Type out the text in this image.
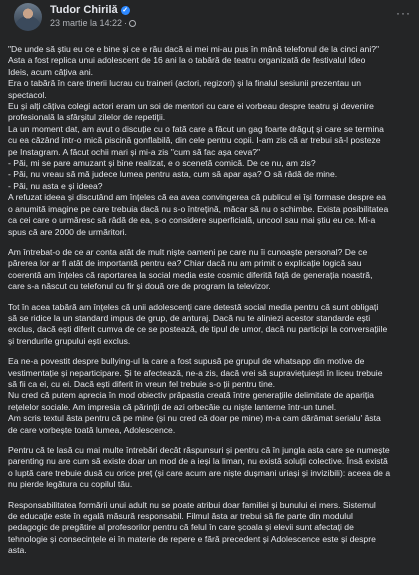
Tudor Chirilă ✓
23 martie la 14:22 ·
···

"De unde să știu eu ce e bine și ce e rău dacă ai mei mi-au pus în mână telefonul de la cinci ani?"
Asta a fost replica unui adolescent de 16 ani la o tabără de teatru organizată de festivalul Ideo
Ideis, acum câțiva ani.
Era o tabără în care tinerii lucrau cu traineri (actori, regizori) și la finalul sesiunii prezentau un
spectacol.
Eu și alți câțiva colegi actori eram un soi de mentori cu care ei vorbeau despre teatru și devenire
profesională la sfârșitul zilelor de repetiții.
La un moment dat, am avut o discuție cu o fată care a făcut un gag foarte drăguț și care se termina
cu ea căzând într-o mică piscină gonflabilă, din cele pentru copii. I-am zis că ar trebui să-l posteze
pe Instagram. A făcut ochii mari și mi-a zis "cum să fac așa ceva?"
- Păi, mi se pare amuzant și bine realizat, e o scenetă comică. De ce nu, am zis?
- Păi, nu vreau să mă judece lumea pentru asta, cum să apar așa? O să râdă de mine.
- Păi, nu asta e și ideea?
A refuzat ideea și discutând am înțeles că ea avea convingerea că publicul ei își formase despre ea
o anumită imagine pe care trebuia dacă nu s-o întrețină, măcar să nu o schimbe. Exista posibilitatea
ca cei care o urmăresc să râdă de ea, s-o considere superficială, uncool sau mai știu eu ce. Mi-a
spus că are 2000 de urmăritori.

Am întrebat-o de ce ar conta atât de mult niște oameni pe care nu îi cunoaște personal? De ce
părerea lor ar fi atât de importantă pentru ea? Chiar dacă nu am primit o explicație logică sau
coerentă am înțeles că raportarea la social media este cosmic diferită față de generația noastră,
care s-a născut cu telefonul cu fir și două ore de program la televizor.

Tot în acea tabără am înțeles că unii adolescenți care detestă social media pentru că sunt obligați
să se ridice la un standard impus de grup, de anturaj. Dacă nu te aliniezi acestor standarde ești
exclus, dacă ești diferit cumva de ce se postează, de tipul de umor, dacă nu participi la conversațiile
și trendurile grupului ești exclus.

Ea ne-a povestit despre bullying-ul la care a fost supusă pe grupul de whatsapp din motive de
vestimentație și neparticipare. Și te afectează, ne-a zis, dacă vrei să supraviețuiești în liceu trebuie
să fii ca ei, cu ei. Dacă ești diferit în vreun fel trebuie s-o ții pentru tine.
Nu cred că putem aprecia în mod obiectiv prăpastia creată între generațiile delimitate de apariția
rețelelor sociale. Am impresia că părinții de azi orbecăie cu niște lanterne într-un tunel.
Am scris textul ăsta pentru că pe mine (și nu cred că doar pe mine) m-a cam dărâmat serialu' ăsta
de care vorbește toată lumea, Adolescence.

Pentru că te lasă cu mai multe întrebări decât răspunsuri și pentru că în jungla asta care se numește
parenting nu are cum să existe doar un mod de a ieși la liman, nu există soluții colective. Însă există
o luptă care trebuie dusă cu orice preț (și care acum are niște dușmani uriași și invizibili): aceea de a
nu pierde legătura cu copilul tău.

Responsabilitatea formării unui adult nu se poate atribui doar familiei și bunului ei mers. Sistemul
de educație este în egală măsură responsabil. Filmul ăsta ar trebui să fie parte din modulul
pedagogic de pregătire al profesorilor pentru că felul în care școala și elevii sunt afectați de
tehnologie și consecințele ei în materie de repere e fără precedent și Adolescence este și despre
asta.
